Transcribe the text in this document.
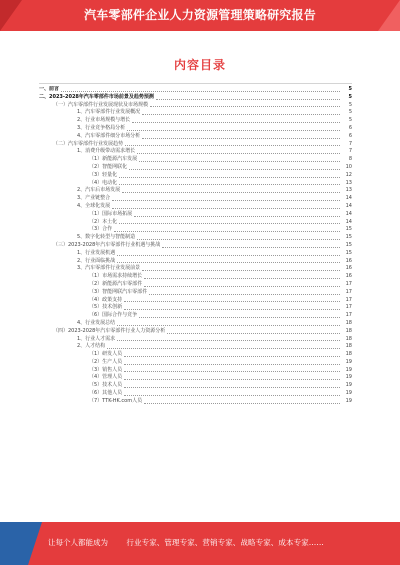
汽车零部件企业人力资源管理策略研究报告
内容目录
一、前言	5
二、2023-2028年汽车零部件市场前景及趋势预测	5
（一）汽车零部件行业发展现状及市场规模	5
1、汽车零部件行业发展概况	5
2、行业市场规模与增长	5
3、行业竞争格局分析	6
4、汽车零部件细分市场分析	6
（二）汽车零部件行业发展趋势	7
1、消费升级带动需求增长	7
（1）新能源汽车发展	8
（2）智能网联化	10
（3）轻量化	12
（4）电动化	13
2、汽车后市场发展	13
3、产业链整合	14
4、全球化发展	14
（1）国际市场拓展	14
（2）本土化	14
（3）合作	15
5、数字化转型与智能制造	15
（三）2023-2028年汽车零部件行业机遇与挑战	15
1、行业发展机遇	15
2、行业面临挑战	16
3、汽车零部件行业发展前景	16
（1）市场需求持续增长	16
（2）新能源汽车零部件	17
（3）智能网联汽车零部件	17
（4）政策支持	17
（5）技术创新	17
（6）国际合作与竞争	17
4、行业发展总结	18
（四）2023-2028年汽车零部件行业人力资源分析	18
1、行业人才需求	18
2、人才结构	18
（1）研发人员	18
（2）生产人员	19
（3）销售人员	19
（4）管理人员	19
（5）技术人员	19
（6）其他人员	19
（7）TTK-HK.com人员	19
让每个人都能成为 行业专家、管理专家、营销专家、战略专家、成本专家……
